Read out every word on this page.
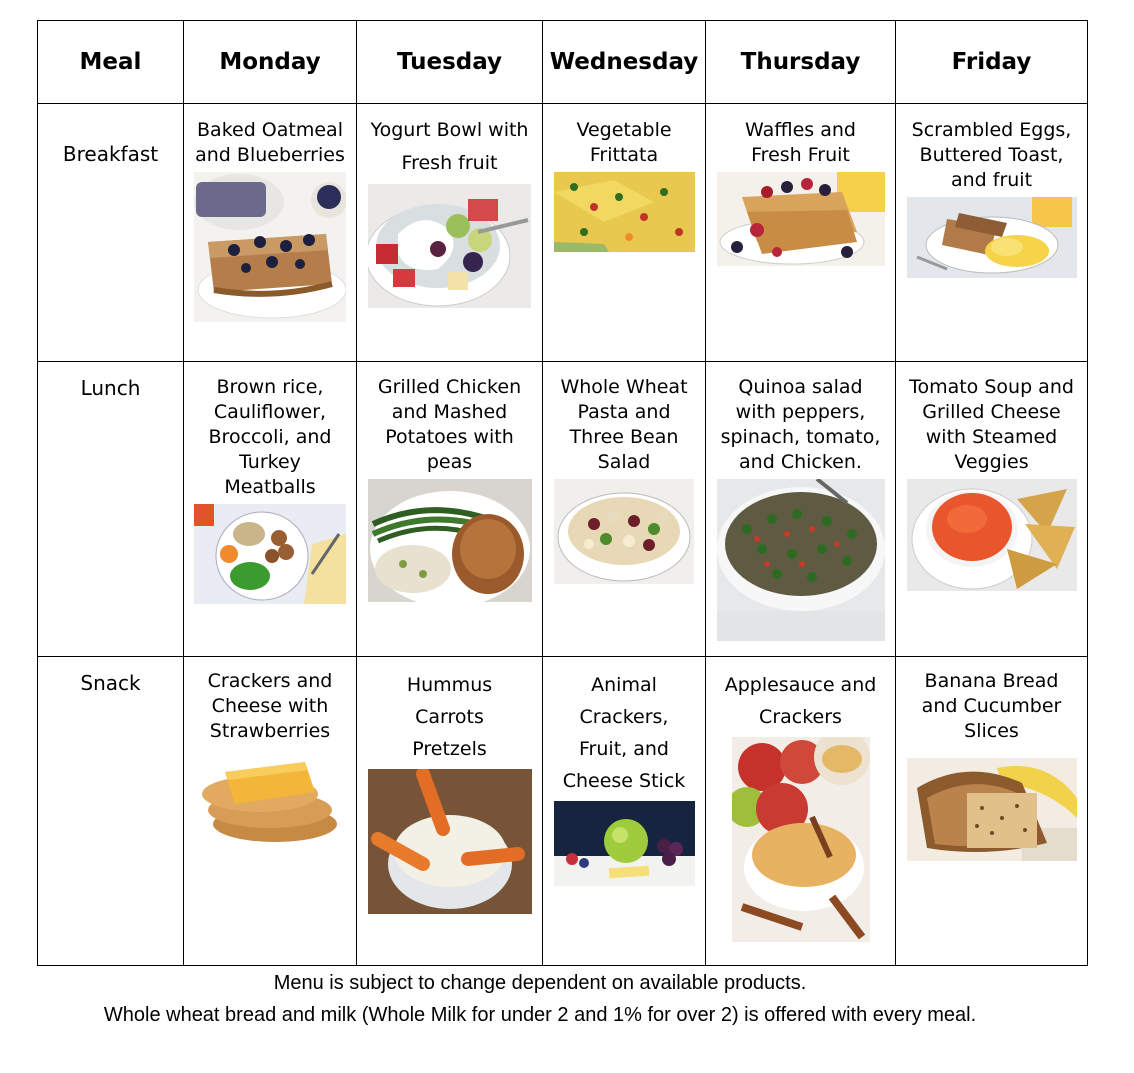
Meal	Monday	Tuesday	Wednesday	Thursday	Friday

Breakfast	Baked Oatmeal and Blueberries	Yogurt Bowl with Fresh fruit	Vegetable Frittata	Waffles and Fresh Fruit	Scrambled Eggs, Buttered Toast, and fruit

Lunch	Brown rice, Cauliflower, Broccoli, and Turkey Meatballs	Grilled Chicken and Mashed Potatoes with peas	Whole Wheat Pasta and Three Bean Salad	Quinoa salad with peppers, spinach, tomato, and Chicken.	Tomato Soup and Grilled Cheese with Steamed Veggies

Snack	Crackers and Cheese with Strawberries	Hummus Carrots Pretzels	Animal Crackers, Fruit, and Cheese Stick	Applesauce and Crackers	Banana Bread and Cucumber Slices
Menu is subject to change dependent on available products.
Whole wheat bread and milk (Whole Milk for under 2 and 1% for over 2) is offered with every meal.
